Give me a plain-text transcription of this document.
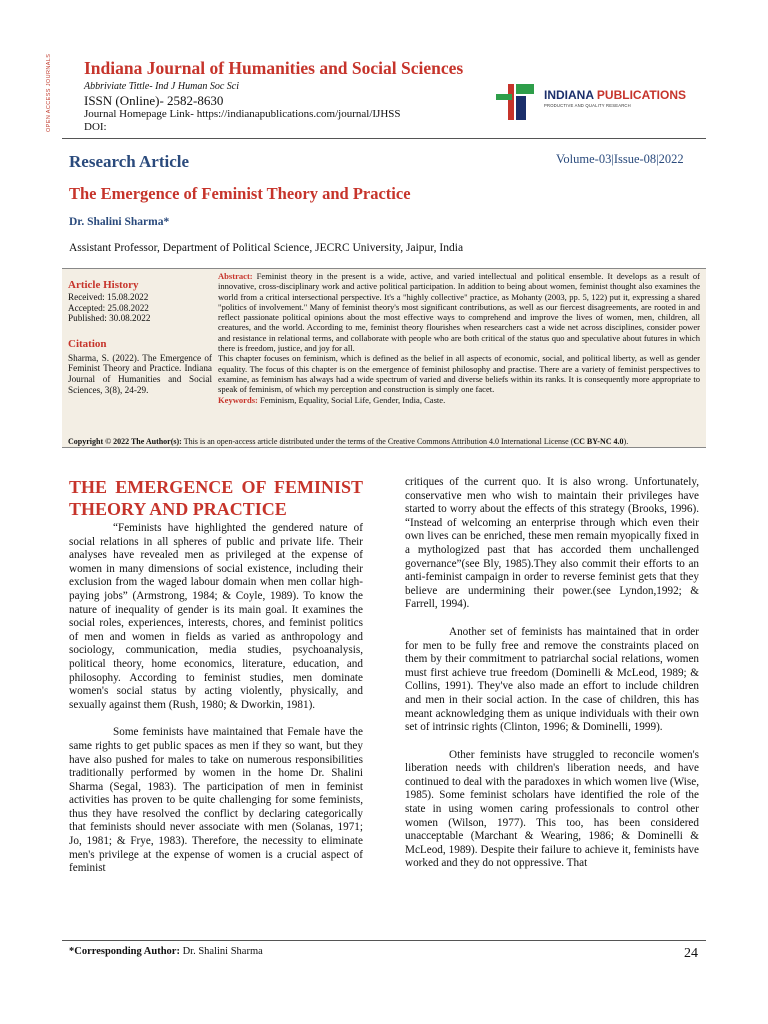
OPEN ACCESS JOURNALS Indiana Journal of Humanities and Social Sciences
Abbriviate Tittle- Ind J Human Soc Sci
ISSN (Online)- 2582-8630
Journal Homepage Link- https://indianapublications.com/journal/IJHSS
DOI:
INDIANA PUBLICATIONS
PRODUCTIVE AND QUALITY RESEARCH
Research Article	Volume-03|Issue-08|2022
The Emergence of Feminist Theory and Practice
Dr. Shalini Sharma*
Assistant Professor, Department of Political Science, JECRC University, Jaipur, India
Article History
Received: 15.08.2022
Accepted: 25.08.2022
Published: 30.08.2022
Citation
Sharma, S. (2022). The Emergence of Feminist Theory and Practice. Indiana Journal of Humanities and Social Sciences, 3(8), 24-29.
Abstract: Feminist theory in the present is a wide, active, and varied intellectual and political ensemble. It develops as a result of innovative, cross-disciplinary work and active political participation. In addition to being about women, feminist thought also examines the world from a critical intersectional perspective. It's a "highly collective" practice, as Mohanty (2003, pp. 5, 122) put it, expressing a shared "politics of involvement." Many of feminist theory's most significant contributions, as well as our fiercest disagreements, are rooted in and reflect passionate political opinions about the most effective ways to comprehend and improve the lives of women, men, children, all creatures, and the world. According to me, feminist theory flourishes when researchers cast a wide net across disciplines, consider power and resistance in relational terms, and collaborate with people who are both critical of the status quo and speculative about futures in which there is freedom, justice, and joy for all.
This chapter focuses on feminism, which is defined as the belief in all aspects of economic, social, and political liberty, as well as gender equality. The focus of this chapter is on the emergence of feminist philosophy and practise. There are a variety of feminist perspectives to examine, as feminism has always had a wide spectrum of varied and diverse beliefs within its ranks. It is consequently more appropriate to speak of feminism, of which my perception and construction is simply one facet.
Keywords: Feminism, Equality, Social Life, Gender, India, Caste.
Copyright © 2022 The Author(s): This is an open-access article distributed under the terms of the Creative Commons Attribution 4.0 International License (CC BY-NC 4.0).
THE EMERGENCE OF FEMINIST THEORY AND PRACTICE

“Feminists have highlighted the gendered nature of social relations in all spheres of public and private life. Their analyses have revealed men as privileged at the expense of women in many dimensions of social existence, including their exclusion from the waged labour domain when men collar high-paying jobs” (Armstrong, 1984; & Coyle, 1989). To know the nature of inequality of gender is its main goal. It examines the social roles, experiences, interests, chores, and feminist politics of men and women in fields as varied as anthropology and sociology, communication, media studies, psychoanalysis, political theory, home economics, literature, education, and philosophy. According to feminist studies, men dominate women's social status by acting violently, physically, and sexually against them (Rush, 1980; & Dworkin, 1981).

Some feminists have maintained that Female have the same rights to get public spaces as men if they so want, but they have also pushed for males to take on numerous responsibilities traditionally performed by women in the home Dr. Shalini Sharma (Segal, 1983). The participation of men in feminist activities has proven to be quite challenging for some feminists, thus they have resolved the conflict by declaring categorically that feminists should never associate with men (Solanas, 1971; Jo, 1981; & Frye, 1983). Therefore, the necessity to eliminate men's privilege at the expense of women is a crucial aspect of feminist

critiques of the current quo. It is also wrong. Unfortunately, conservative men who wish to maintain their privileges have started to worry about the effects of this strategy (Brooks, 1996). “Instead of welcoming an enterprise through which even their own lives can be enriched, these men remain myopically fixed in a mythologized past that has accorded them unchallenged governance”(see Bly, 1985).They also commit their efforts to an anti-feminist campaign in order to reverse feminist gets that they believe are undermining their power.(see Lyndon,1992; & Farrell, 1994).

Another set of feminists has maintained that in order for men to be fully free and remove the constraints placed on them by their commitment to patriarchal social relations, women must first achieve true freedom (Dominelli & McLeod, 1989; & Collins, 1991). They've also made an effort to include children and men in their social action. In the case of children, this has meant acknowledging them as unique individuals with their own set of intrinsic rights (Clinton, 1996; & Dominelli, 1999).

Other feminists have struggled to reconcile women's liberation needs with children's liberation needs, and have continued to deal with the paradoxes in which women live (Wise, 1985). Some feminist scholars have identified the role of the state in using women caring professionals to control other women (Wilson, 1977). This too, has been considered unacceptable (Marchant & Wearing, 1986; & Dominelli & McLeod, 1989). Despite their failure to achieve it, feminists have worked and they do not oppressive. That

*Corresponding Author: Dr. Shalini Sharma	24
